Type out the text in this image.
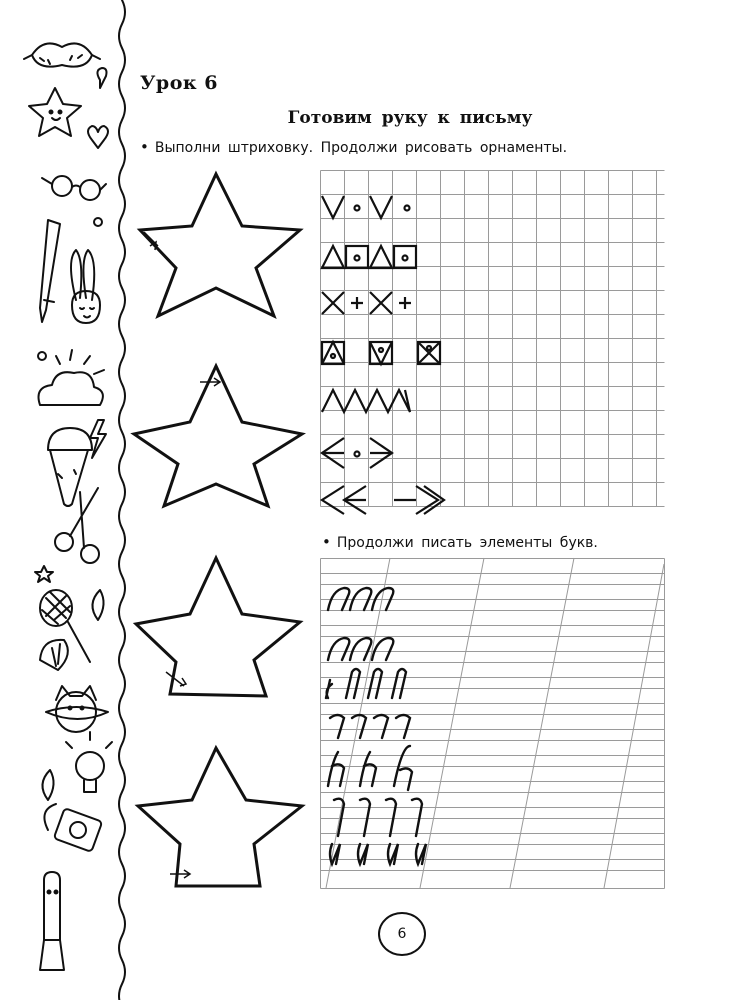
Урок 6
Готовим руку к письму
• Выполни штриховку. Продолжи рисовать орнаменты.
• Продолжи писать элементы букв.
6
